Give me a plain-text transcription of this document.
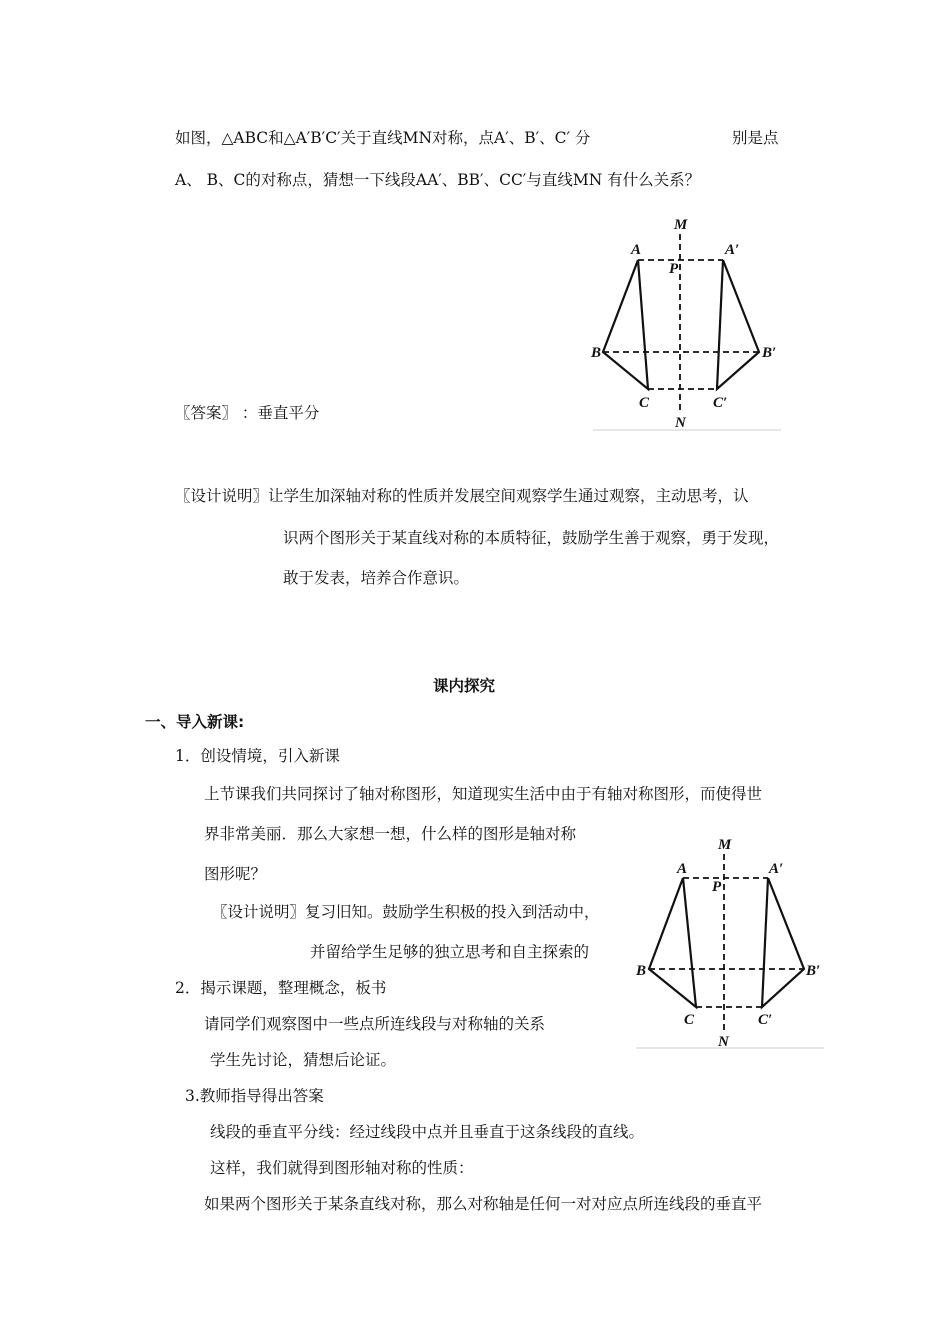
如图，△ABC和△A′B′C′关于直线MN对称，点A′、B′、C′ 分	别是点
A、 B、C的对称点，猜想一下线段AA′、BB′、CC′与直线MN 有什么关系？
M
N
P
A	A′
B	B′
C	C′
〖答案〗 ：垂直平分
〖设计说明〗让学生加深轴对称的性质并发展空间观察学生通过观察，主动思考，认
识两个图形关于某直线对称的本质特征，鼓励学生善于观察，勇于发现，
敢于发表，培养合作意识。
课内探究
一、导入新课:
1．创设情境，引入新课
上节课我们共同探讨了轴对称图形，知道现实生活中由于有轴对称图形，而使得世
界非常美丽．那么大家想一想，什么样的图形是轴对称
图形呢？
〖设计说明〗复习旧知。鼓励学生积极的投入到活动中，
并留给学生足够的独立思考和自主探索的
M
N
P
A	A′
B	B′
C	C′
2．揭示课题，整理概念，板书
请同学们观察图中一些点所连线段与对称轴的关系
学生先讨论，猜想后论证。
3.教师指导得出答案
线段的垂直平分线：经过线段中点并且垂直于这条线段的直线。
这样，我们就得到图形轴对称的性质：
如果两个图形关于某条直线对称，那么对称轴是任何一对对应点所连线段的垂直平
